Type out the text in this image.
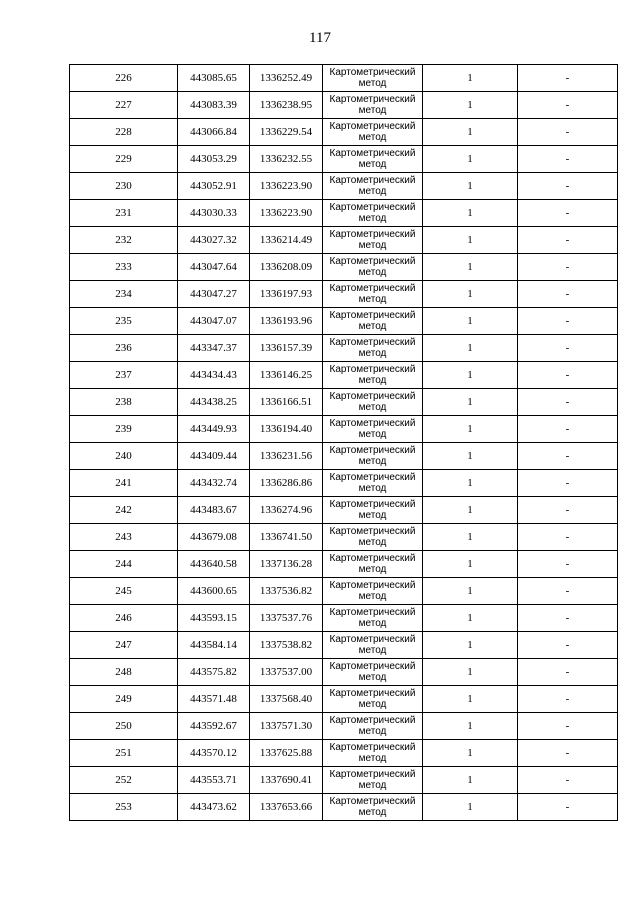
117
226	443085.65	1336252.49	Картометрический
метод	1	-
227	443083.39	1336238.95	Картометрический
метод	1	-
228	443066.84	1336229.54	Картометрический
метод	1	-
229	443053.29	1336232.55	Картометрический
метод	1	-
230	443052.91	1336223.90	Картометрический
метод	1	-
231	443030.33	1336223.90	Картометрический
метод	1	-
232	443027.32	1336214.49	Картометрический
метод	1	-
233	443047.64	1336208.09	Картометрический
метод	1	-
234	443047.27	1336197.93	Картометрический
метод	1	-
235	443047.07	1336193.96	Картометрический
метод	1	-
236	443347.37	1336157.39	Картометрический
метод	1	-
237	443434.43	1336146.25	Картометрический
метод	1	-
238	443438.25	1336166.51	Картометрический
метод	1	-
239	443449.93	1336194.40	Картометрический
метод	1	-
240	443409.44	1336231.56	Картометрический
метод	1	-
241	443432.74	1336286.86	Картометрический
метод	1	-
242	443483.67	1336274.96	Картометрический
метод	1	-
243	443679.08	1336741.50	Картометрический
метод	1	-
244	443640.58	1337136.28	Картометрический
метод	1	-
245	443600.65	1337536.82	Картометрический
метод	1	-
246	443593.15	1337537.76	Картометрический
метод	1	-
247	443584.14	1337538.82	Картометрический
метод	1	-
248	443575.82	1337537.00	Картометрический
метод	1	-
249	443571.48	1337568.40	Картометрический
метод	1	-
250	443592.67	1337571.30	Картометрический
метод	1	-
251	443570.12	1337625.88	Картометрический
метод	1	-
252	443553.71	1337690.41	Картометрический
метод	1	-
253	443473.62	1337653.66	Картометрический
метод	1	-
